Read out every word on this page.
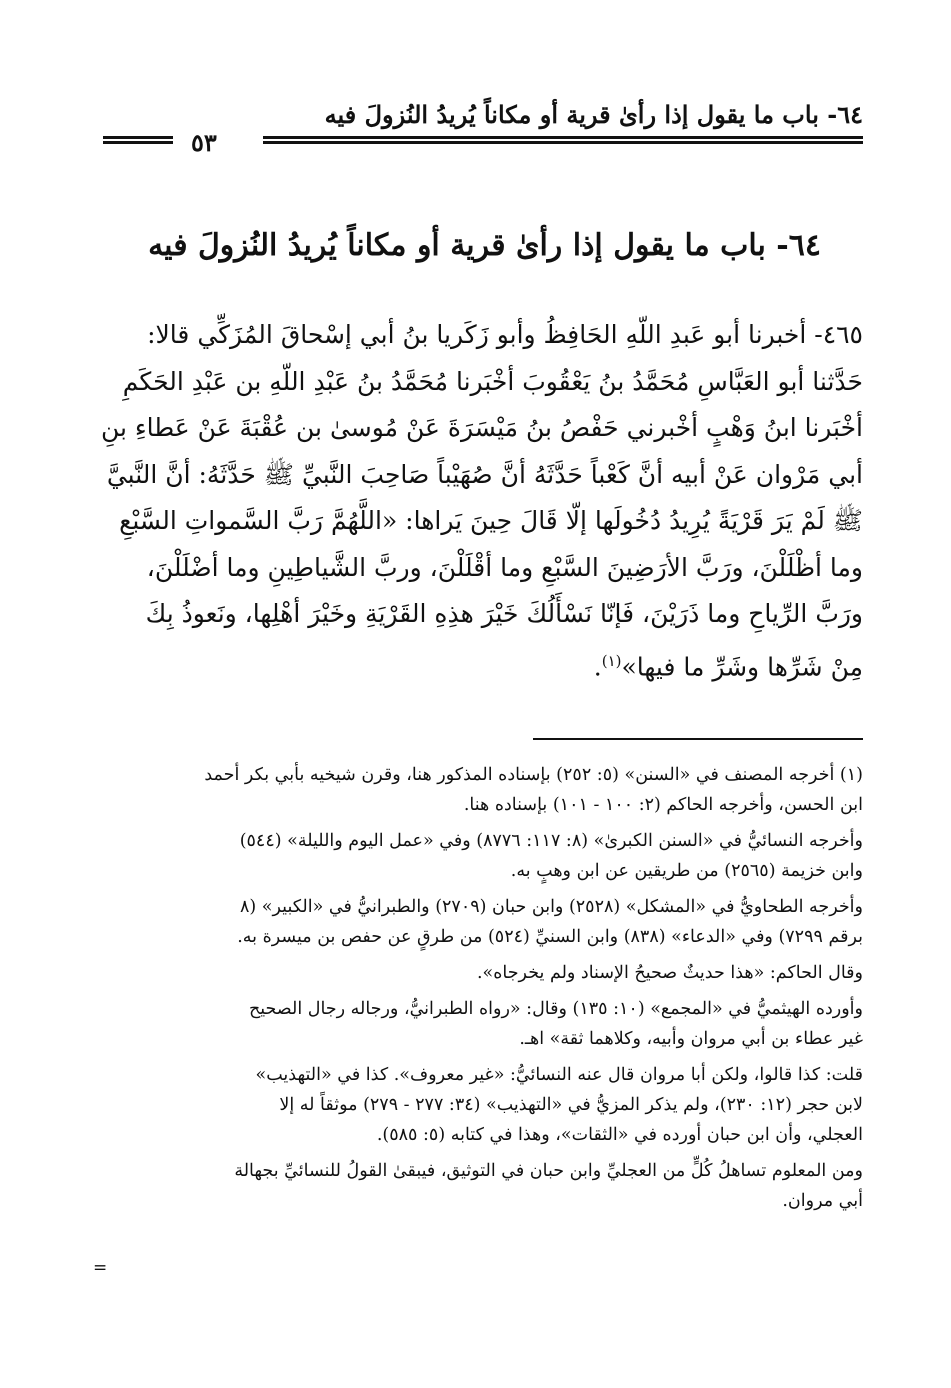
٦٤- باب ما يقول إذا رأىٰ قرية أو مكاناً يُريدُ النُزولَ فيه
٥٣
٦٤- باب ما يقول إذا رأىٰ قرية أو مكاناً يُريدُ النُزولَ فيه

٤٦٥- أخبرنا أبو عَبدِ اللّهِ الحَافِظُ وأبو زَكَريا بنُ أبي إسْحاقَ المُزَكِّي قالا:

حَدَّثنا أبو العَبَّاسِ مُحَمَّدُ بنُ يَعْقُوبَ أخْبَرنا مُحَمَّدُ بنُ عَبْدِ اللّهِ بن عَبْدِ الحَكَمِ

أخْبَرنا ابنُ وَهْبٍ أخْبرني حَفْصُ بنُ مَيْسَرَةَ عَنْ مُوسىٰ بن عُقْبَةَ عَنْ عَطاءِ بنِ

أبي مَرْوان عَنْ أبيه أنَّ كَعْباً حَدَّثَهُ أنَّ صُهَيْباً صَاحِبَ النَّبيِّ ﷺ حَدَّثَهُ: أنَّ النَّبيَّ

ﷺ لَمْ يَرَ قَرْيَةً يُرِيدُ دُخُولَها إلّا قَالَ حِينَ يَراها: «اللَّهُمَّ رَبَّ السَّمواتِ السَّبْعِ

وما أظْلَلْنَ، ورَبَّ الأرَضِينَ السَّبْعِ وما أقْلَلْنَ، وربَّ الشَّياطِينِ وما أضْلَلْنَ،

ورَبَّ الرِّياحِ وما ذَرَيْنَ، فَإنّا نَسْأَلُكَ خَيْرَ هذِهِ القَرْيَةِ وخَيْرَ أهْلِها، ونَعوذُ بِكَ

مِنْ شَرِّها وشَرِّ ما فيها»$^{(١)}$.

(١) أخرجه المصنف في «السنن» (٥: ٢٥٢) بإسناده المذكور هنا، وقرن شيخيه بأبي بكر أحمد
ابن الحسن، وأخرجه الحاكم (٢: ١٠٠ - ١٠١) بإسناده هنا.
وأخرجه النسائيُّ في «السنن الكبرىٰ» (٨: ١١٧: ٨٧٧٦) وفي «عمل اليوم والليلة» (٥٤٤)
وابن خزيمة (٢٥٦٥) من طريقين عن ابن وهبٍ به.
وأخرجه الطحاويُّ في «المشكل» (٢٥٢٨) وابن حبان (٢٧٠٩) والطبرانيُّ في «الكبير» (٨
برقم ٧٢٩٩) وفي «الدعاء» (٨٣٨) وابن السنيِّ (٥٢٤) من طرقٍ عن حفص بن ميسرة به.
وقال الحاكم: «هذا حديثٌ صحيحُ الإسناد ولم يخرجاه».
وأورده الهيثميُّ في «المجمع» (١٠: ١٣٥) وقال: «رواه الطبرانيُّ، ورجاله رجال الصحيح
غير عطاء بن أبي مروان وأبيه، وكلاهما ثقة» اهـ.
قلت: كذا قالوا، ولكن أبا مروان قال عنه النسائيُّ: «غير معروف». كذا في «التهذيب»
لابن حجر (١٢: ٢٣٠)، ولم يذكر المزيُّ في «التهذيب» (٣٤: ٢٧٧ - ٢٧٩) موثقاً له إلا
العجلي، وأن ابن حبان أورده في «الثقات»، وهذا في كتابه (٥: ٥٨٥).
ومن المعلوم تساهلُ كُلٍّ من العجليِّ وابن حبان في التوثيق، فيبقىٰ القولُ للنسائيِّ بجهالة
أبي مروان.
=
